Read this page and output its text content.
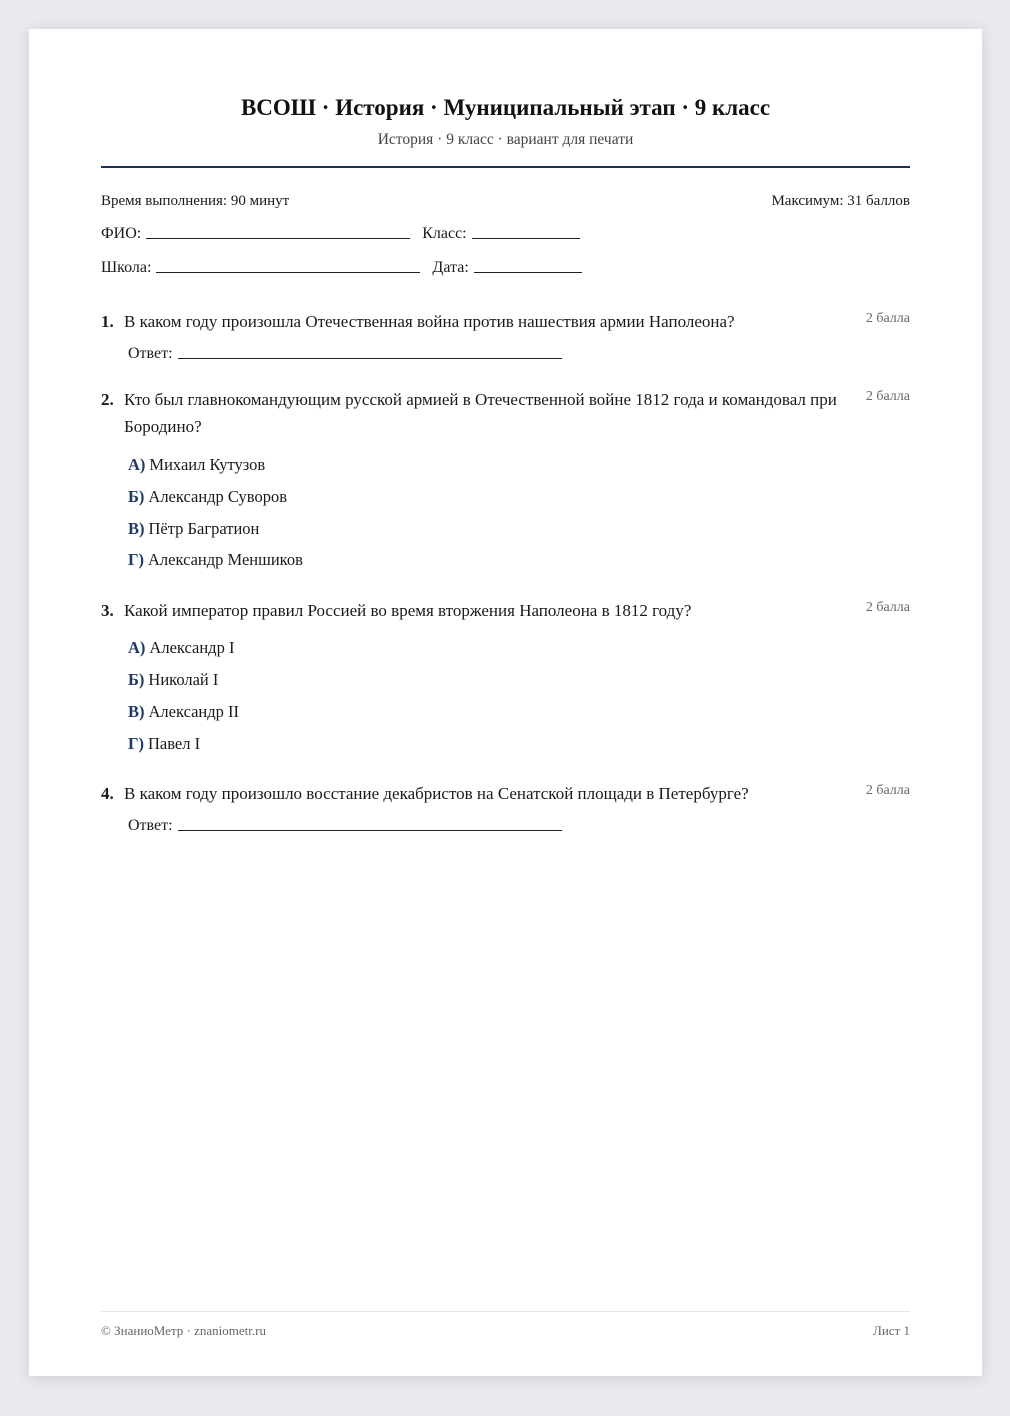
ВСОШ · История · Муниципальный этап · 9 класс
История · 9 класс · вариант для печати
Время выполнения: 90 минут	Максимум: 31 баллов
ФИО:	Класс:
Школа:	Дата:
1. В каком году произошла Отечественная война против нашествия армии Наполеона?	2 балла
Ответ:
2. Кто был главнокомандующим русской армией в Отечественной войне 1812 года и командовал при Бородино?
2 балла
А) Михаил Кутузов
Б) Александр Суворов
В) Пётр Багратион
Г) Александр Меншиков
3. Какой император правил Россией во время вторжения Наполеона в 1812 году?	2 балла
А) Александр I
Б) Николай I
В) Александр II
Г) Павел I
4. В каком году произошло восстание декабристов на Сенатской площади в Петербурге?	2 балла
Ответ:
© ЗнаниоМетр · znaniometr.ru	Лист 1
